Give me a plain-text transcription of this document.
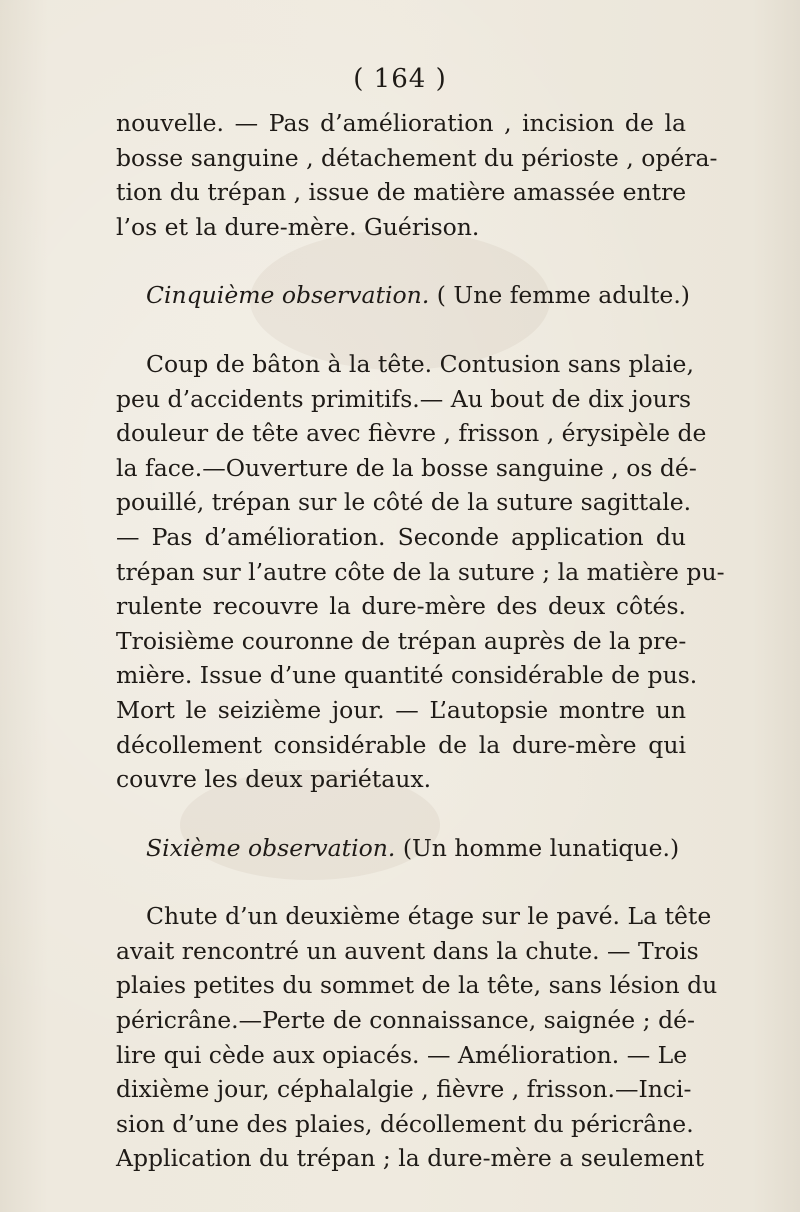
( 164 )
nouvelle. — Pas d’amélioration , incision de la
bosse sanguine , détachement du périoste , opéra-
tion du trépan , issue de matière amassée entre
l’os et la dure-mère. Guérison.
Cinquième observation. ( Une femme adulte.)
Coup de bâton à la tête. Contusion sans plaie,
peu d’accidents primitifs.— Au bout de dix jours
douleur de tête avec fièvre , frisson , érysipèle de
la face.—Ouverture de la bosse sanguine , os dé-
pouillé, trépan sur le côté de la suture sagittale.
— Pas d’amélioration. Seconde application du
trépan sur l’autre côte de la suture ; la matière pu-
rulente recouvre la dure-mère des deux côtés.
Troisième couronne de trépan auprès de la pre-
mière. Issue d’une quantité considérable de pus.
Mort le seizième jour. — L’autopsie montre un
décollement considérable de la dure-mère qui
couvre les deux pariétaux.
Sixième observation. (Un homme lunatique.)
Chute d’un deuxième étage sur le pavé. La tête
avait rencontré un auvent dans la chute. — Trois
plaies petites du sommet de la tête, sans lésion du
péricrâne.—Perte de connaissance, saignée ; dé-
lire qui cède aux opiacés. — Amélioration. — Le
dixième jour, céphalalgie , fièvre , frisson.—Inci-
sion d’une des plaies, décollement du péricrâne.
Application du trépan ; la dure-mère a seulement
